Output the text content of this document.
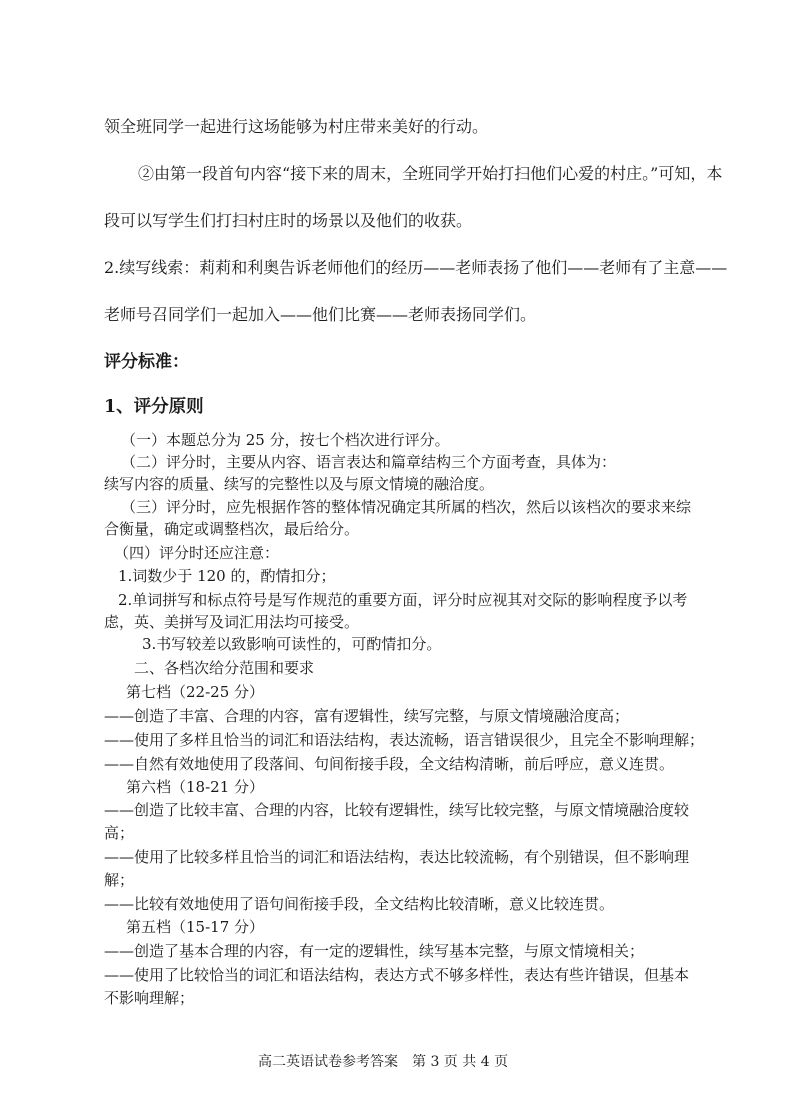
领全班同学一起进行这场能够为村庄带来美好的行动。
②由第一段首句内容“接下来的周末，全班同学开始打扫他们心爱的村庄。”可知，本
段可以写学生们打扫村庄时的场景以及他们的收获。
2.续写线索：莉莉和利奥告诉老师他们的经历——老师表扬了他们——老师有了主意——
老师号召同学们一起加入——他们比赛——老师表扬同学们。
评分标准：
1、评分原则
（一）本题总分为 25 分，按七个档次进行评分。
（二）评分时，主要从内容、语言表达和篇章结构三个方面考查，具体为：
续写内容的质量、续写的完整性以及与原文情境的融洽度。
（三）评分时，应先根据作答的整体情况确定其所属的档次，然后以该档次的要求来综
合衡量，确定或调整档次，最后给分。
（四）评分时还应注意：
1.词数少于 120 的，酌情扣分；
2.单词拼写和标点符号是写作规范的重要方面，评分时应视其对交际的影响程度予以考
虑，英、美拼写及词汇用法均可接受。
3.书写较差以致影响可读性的，可酌情扣分。
二、各档次给分范围和要求
第七档（22-25 分）
——创造了丰富、合理的内容，富有逻辑性，续写完整，与原文情境融洽度高；
——使用了多样且恰当的词汇和语法结构，表达流畅，语言错误很少，且完全不影响理解；
——自然有效地使用了段落间、句间衔接手段，全文结构清晰，前后呼应，意义连贯。
第六档（18-21 分）
——创造了比较丰富、合理的内容，比较有逻辑性，续写比较完整，与原文情境融洽度较
高；
——使用了比较多样且恰当的词汇和语法结构，表达比较流畅，有个别错误，但不影响理
解；
——比较有效地使用了语句间衔接手段，全文结构比较清晰，意义比较连贯。
第五档（15-17 分）
——创造了基本合理的内容，有一定的逻辑性，续写基本完整，与原文情境相关；
——使用了比较恰当的词汇和语法结构，表达方式不够多样性，表达有些许错误，但基本
不影响理解；
高二英语试卷参考答案　第 3 页 共 4 页
